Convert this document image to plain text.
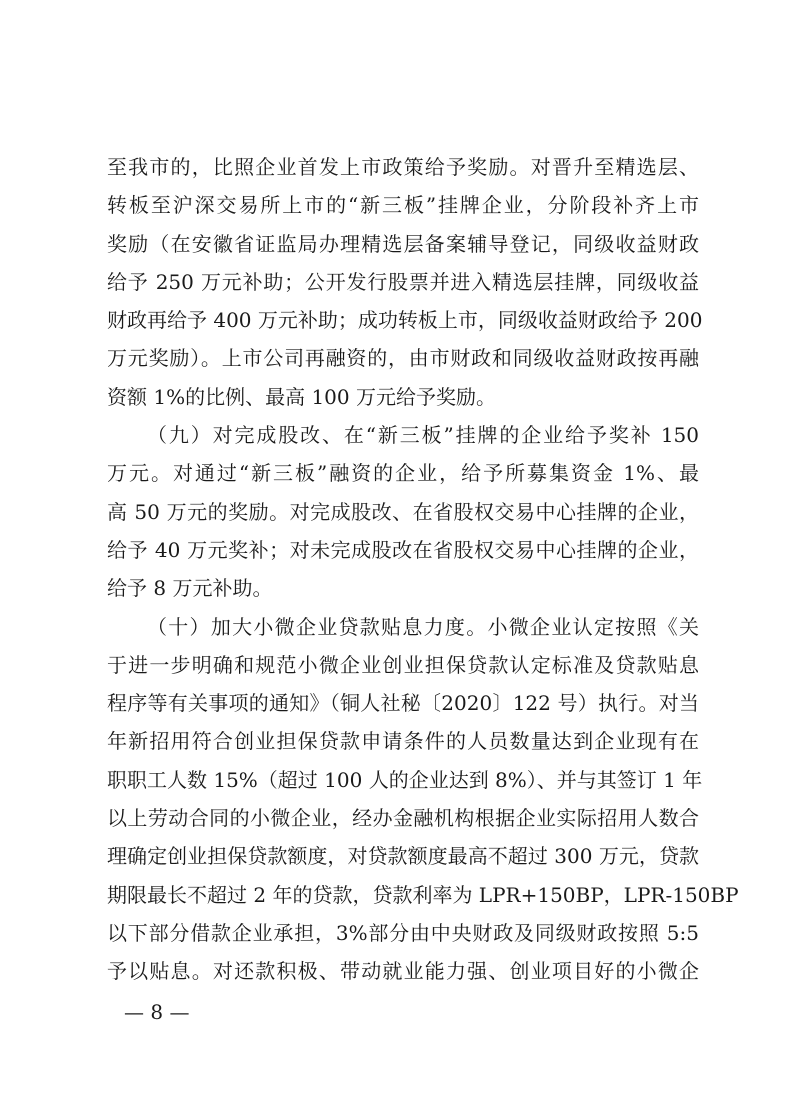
至我市的，比照企业首发上市政策给予奖励。对晋升至精选层、
转板至沪深交易所上市的“新三板”挂牌企业，分阶段补齐上市
奖励（在安徽省证监局办理精选层备案辅导登记，同级收益财政
给予 250 万元补助；公开发行股票并进入精选层挂牌，同级收益
财政再给予 400 万元补助；成功转板上市，同级收益财政给予 200
万元奖励）。上市公司再融资的，由市财政和同级收益财政按再融
资额 1%的比例、最高 100 万元给予奖励。
（九）对完成股改、在“新三板”挂牌的企业给予奖补 150
万元。对通过“新三板”融资的企业，给予所募集资金 1%、最
高 50 万元的奖励。对完成股改、在省股权交易中心挂牌的企业，
给予 40 万元奖补；对未完成股改在省股权交易中心挂牌的企业，
给予 8 万元补助。
（十）加大小微企业贷款贴息力度。小微企业认定按照《关
于进一步明确和规范小微企业创业担保贷款认定标准及贷款贴息
程序等有关事项的通知》（铜人社秘〔2020〕122 号）执行。对当
年新招用符合创业担保贷款申请条件的人员数量达到企业现有在
职职工人数 15%（超过 100 人的企业达到 8%）、并与其签订 1 年
以上劳动合同的小微企业，经办金融机构根据企业实际招用人数合
理确定创业担保贷款额度，对贷款额度最高不超过 300 万元，贷款
期限最长不超过 2 年的贷款，贷款利率为 LPR+150BP，LPR-150BP
以下部分借款企业承担，3%部分由中央财政及同级财政按照 5:5
予以贴息。对还款积极、带动就业能力强、创业项目好的小微企
— 8 —
